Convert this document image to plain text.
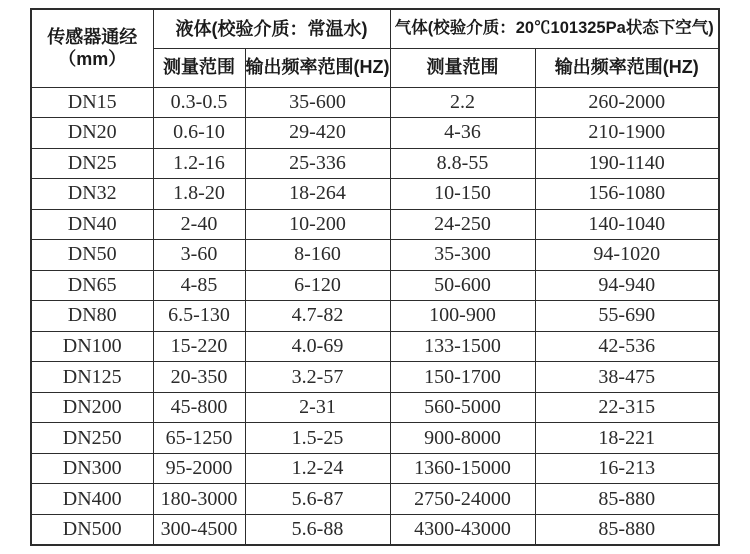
传感器通经
（mm）	液体(校验介质：常温水)		气体(校验介质：20℃101325Pa状态下空气)	
	测量范围	输出频率范围(HZ)	测量范围	输出频率范围(HZ)
DN15	0.3-0.5	35-600	2.2	260-2000
DN20	0.6-10	29-420	4-36	210-1900
DN25	1.2-16	25-336	8.8-55	190-1140
DN32	1.8-20	18-264	10-150	156-1080
DN40	2-40	10-200	24-250	140-1040
DN50	3-60	8-160	35-300	94-1020
DN65	4-85	6-120	50-600	94-940
DN80	6.5-130	4.7-82	100-900	55-690
DN100	15-220	4.0-69	133-1500	42-536
DN125	20-350	3.2-57	150-1700	38-475
DN200	45-800	2-31	560-5000	22-315
DN250	65-1250	1.5-25	900-8000	18-221
DN300	95-2000	1.2-24	1360-15000	16-213
DN400	180-3000	5.6-87	2750-24000	85-880
DN500	300-4500	5.6-88	4300-43000	85-880
